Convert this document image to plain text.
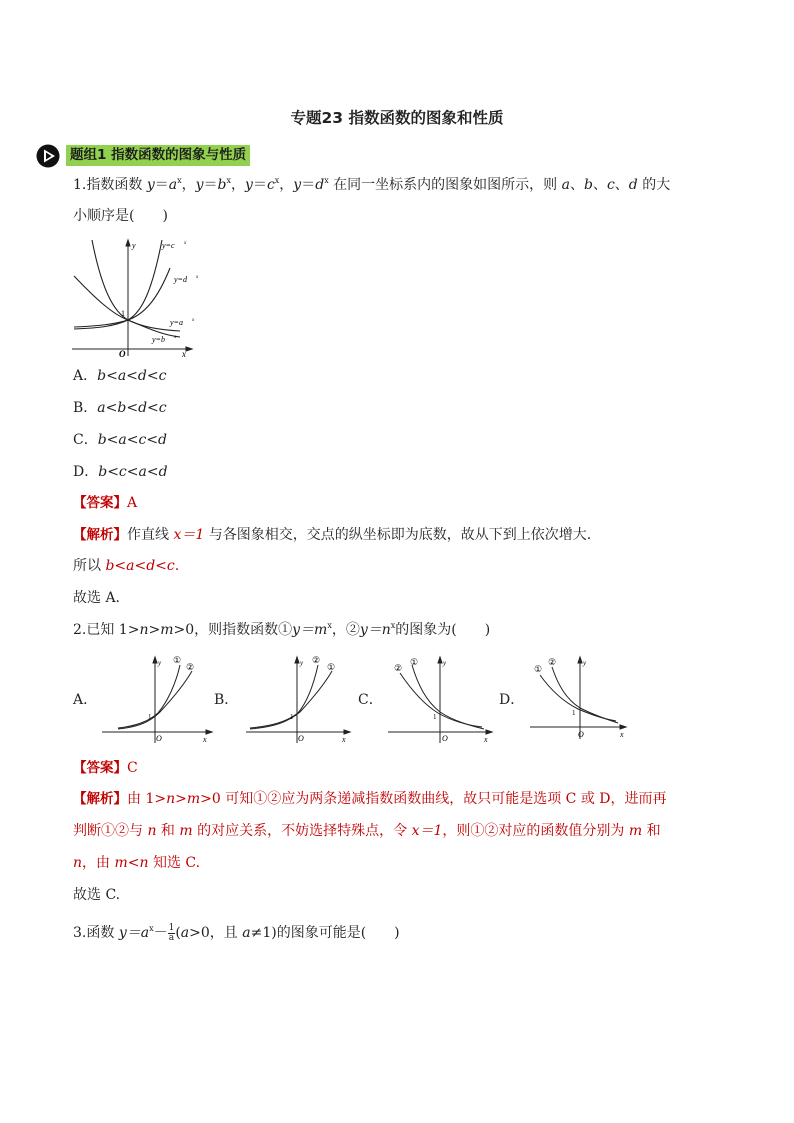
专题23 指数函数的图象和性质
题组1 指数函数的图象与性质
1.指数函数 $y=a^x$，$y=b^x$，$y=c^x$，$y=d^x$ 在同一坐标系内的图象如图所示，则 a、b、c、d 的大
小顺序是(　　)
y=c x
y=d x
y=a x
y=b x
1
O	x
y
A．b<a<d<c
B．a<b<d<c
C．b<a<c<d
D．b<c<a<d
【答案】A
【解析】作直线 x＝1 与各图象相交，交点的纵坐标即为底数，故从下到上依次增大.
所以 b<a<d<c.
故选 A.
2.已知 1>n>m>0，则指数函数$①y=m^x$，$②y=n^x$的图象为(　　)
A．
①
②
1
O	x
y
B．
②
①
1
O	x
y
C．
②
①
1
O	x
y
D．
①
②
1
O	x
y
【答案】C
【解析】由 1>n>m>0 可知①②应为两条递减指数函数曲线，故只可能是选项 C 或 D，进而再
判断①②与 n 和 m 的对应关系，不妨选择特殊点，令 x＝1，则①②对应的函数值分别为 m 和
n，由 m<n 知选 C.
故选 C.
3.函数 $y=a^x- \frac{1}{a} (a>0$，且 a≠1)的图象可能是(　　)
